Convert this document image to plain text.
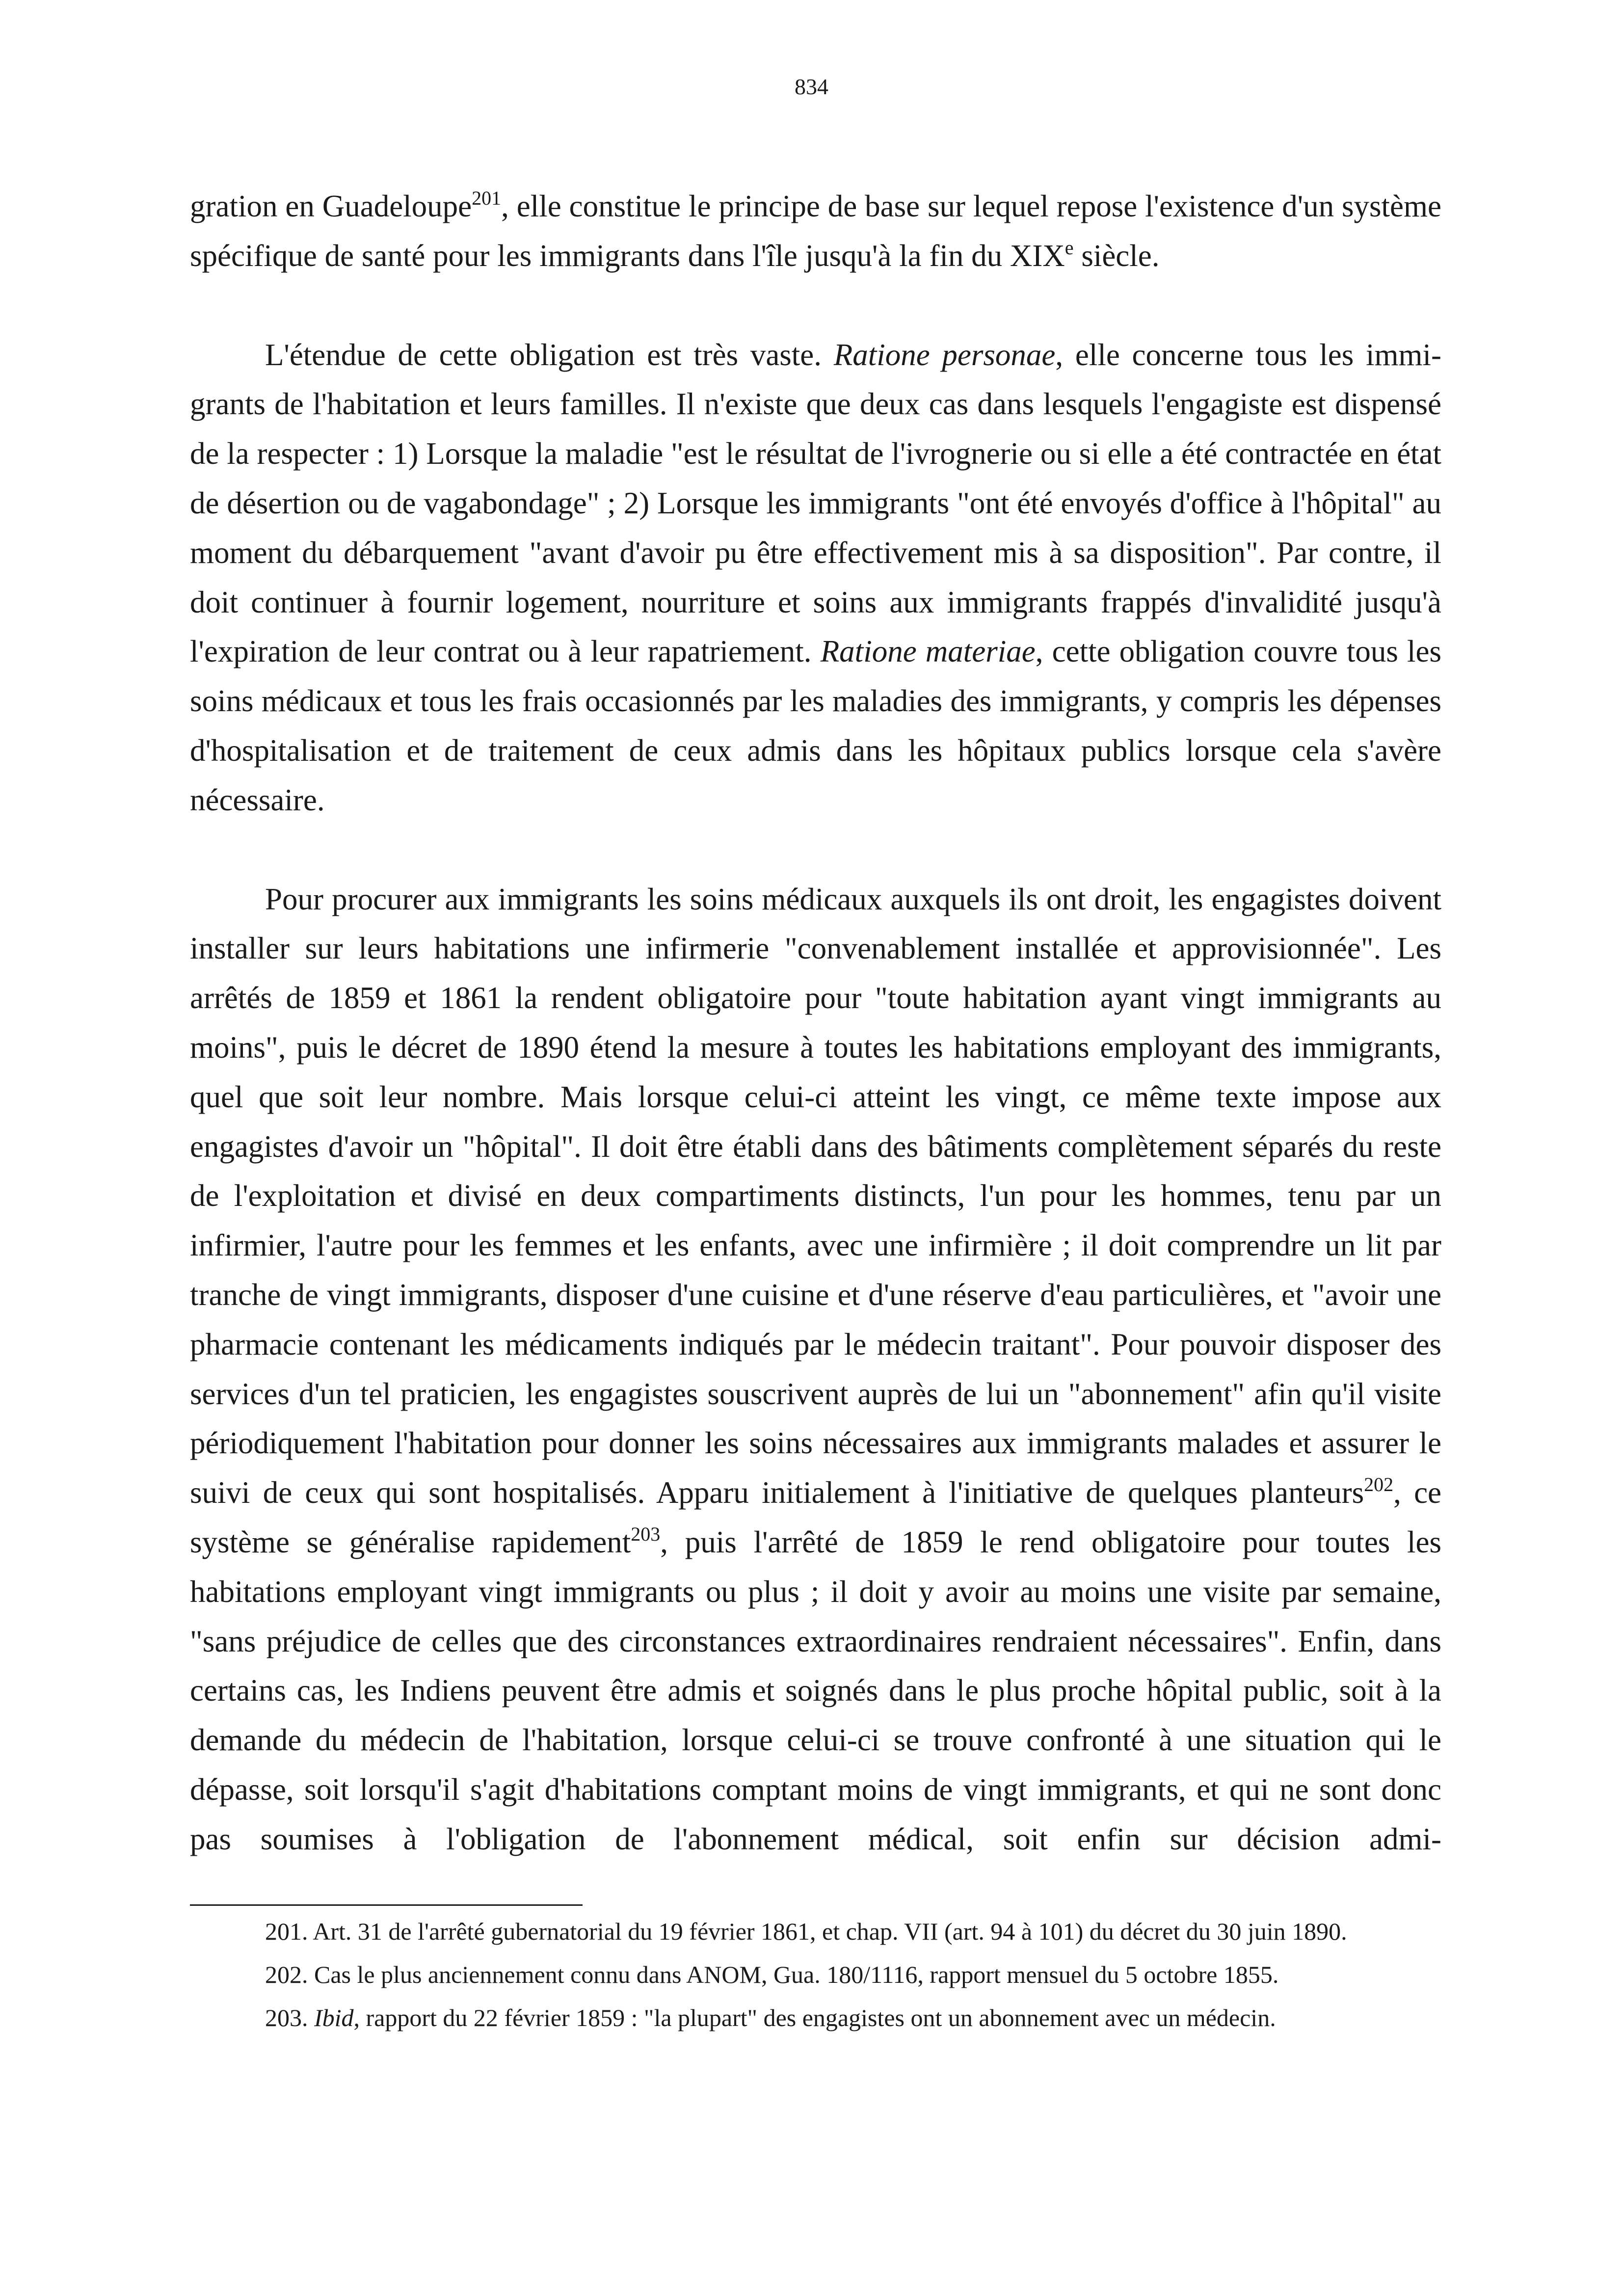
834

gration en Guadeloupe$^{201}$, elle constitue le principe de base sur lequel repose l'existence d'un système spécifique de santé pour les immigrants dans l'île jusqu'à la fin du XIXe siècle.

L'étendue de cette obligation est très vaste. Ratione personae, elle concerne tous les immigrants de l'habitation et leurs familles. Il n'existe que deux cas dans lesquels l'engagiste est dispensé de la respecter : 1) Lorsque la maladie "est le résultat de l'ivrognerie ou si elle a été contractée en état de désertion ou de vagabondage" ; 2) Lorsque les immigrants "ont été envoyés d'office à l'hôpital" au moment du débarquement "avant d'avoir pu être effectivement mis à sa disposition". Par contre, il doit continuer à fournir logement, nourriture et soins aux immigrants frappés d'invalidité jusqu'à l'expiration de leur contrat ou à leur rapatriement. Ratione materiae, cette obligation couvre tous les soins médicaux et tous les frais occasionnés par les maladies des immigrants, y compris les dépenses d'hospitalisation et de traitement de ceux admis dans les hôpitaux publics lorsque cela s'avère nécessaire.

Pour procurer aux immigrants les soins médicaux auxquels ils ont droit, les engagistes doivent installer sur leurs habitations une infirmerie "convenablement installée et approvisionnée". Les arrêtés de 1859 et 1861 la rendent obligatoire pour "toute habitation ayant vingt immigrants au moins", puis le décret de 1890 étend la mesure à toutes les habitations employant des immigrants, quel que soit leur nombre. Mais lorsque celui-ci atteint les vingt, ce même texte impose aux engagistes d'avoir un "hôpital". Il doit être établi dans des bâtiments complètement séparés du reste de l'exploitation et divisé en deux compartiments distincts, l'un pour les hommes, tenu par un infirmier, l'autre pour les femmes et les enfants, avec une infirmière ; il doit comprendre un lit par tranche de vingt immigrants, disposer d'une cuisine et d'une réserve d'eau particulières, et "avoir une pharmacie contenant les médicaments indiqués par le médecin traitant". Pour pouvoir disposer des services d'un tel praticien, les engagistes souscrivent auprès de lui un "abonnement" afin qu'il visite périodiquement l'habitation pour donner les soins nécessaires aux immigrants malades et assurer le suivi de ceux qui sont hospitalisés. Apparu initialement à l'initiative de quelques planteurs$^{202}$, ce système se généralise rapidement$^{203}$, puis l'arrêté de 1859 le rend obligatoire pour toutes les habitations employant vingt immigrants ou plus ; il doit y avoir au moins une visite par semaine, "sans préjudice de celles que des circonstances extraordinaires rendraient nécessaires". Enfin, dans certains cas, les Indiens peuvent être admis et soignés dans le plus proche hôpital public, soit à la demande du médecin de l'habitation, lorsque celui-ci se trouve confronté à une situation qui le dépasse, soit lorsqu'il s'agit d'habitations comptant moins de vingt immigrants, et qui ne sont donc pas soumises à l'obligation de l'abonnement médical, soit enfin sur décision admi-

201. Art. 31 de l'arrêté gubernatorial du 19 février 1861, et chap. VII (art. 94 à 101) du décret du 30 juin 1890.

202. Cas le plus anciennement connu dans ANOM, Gua. 180/1116, rapport mensuel du 5 octobre 1855.

203. Ibid, rapport du 22 février 1859 : "la plupart" des engagistes ont un abonnement avec un médecin.
